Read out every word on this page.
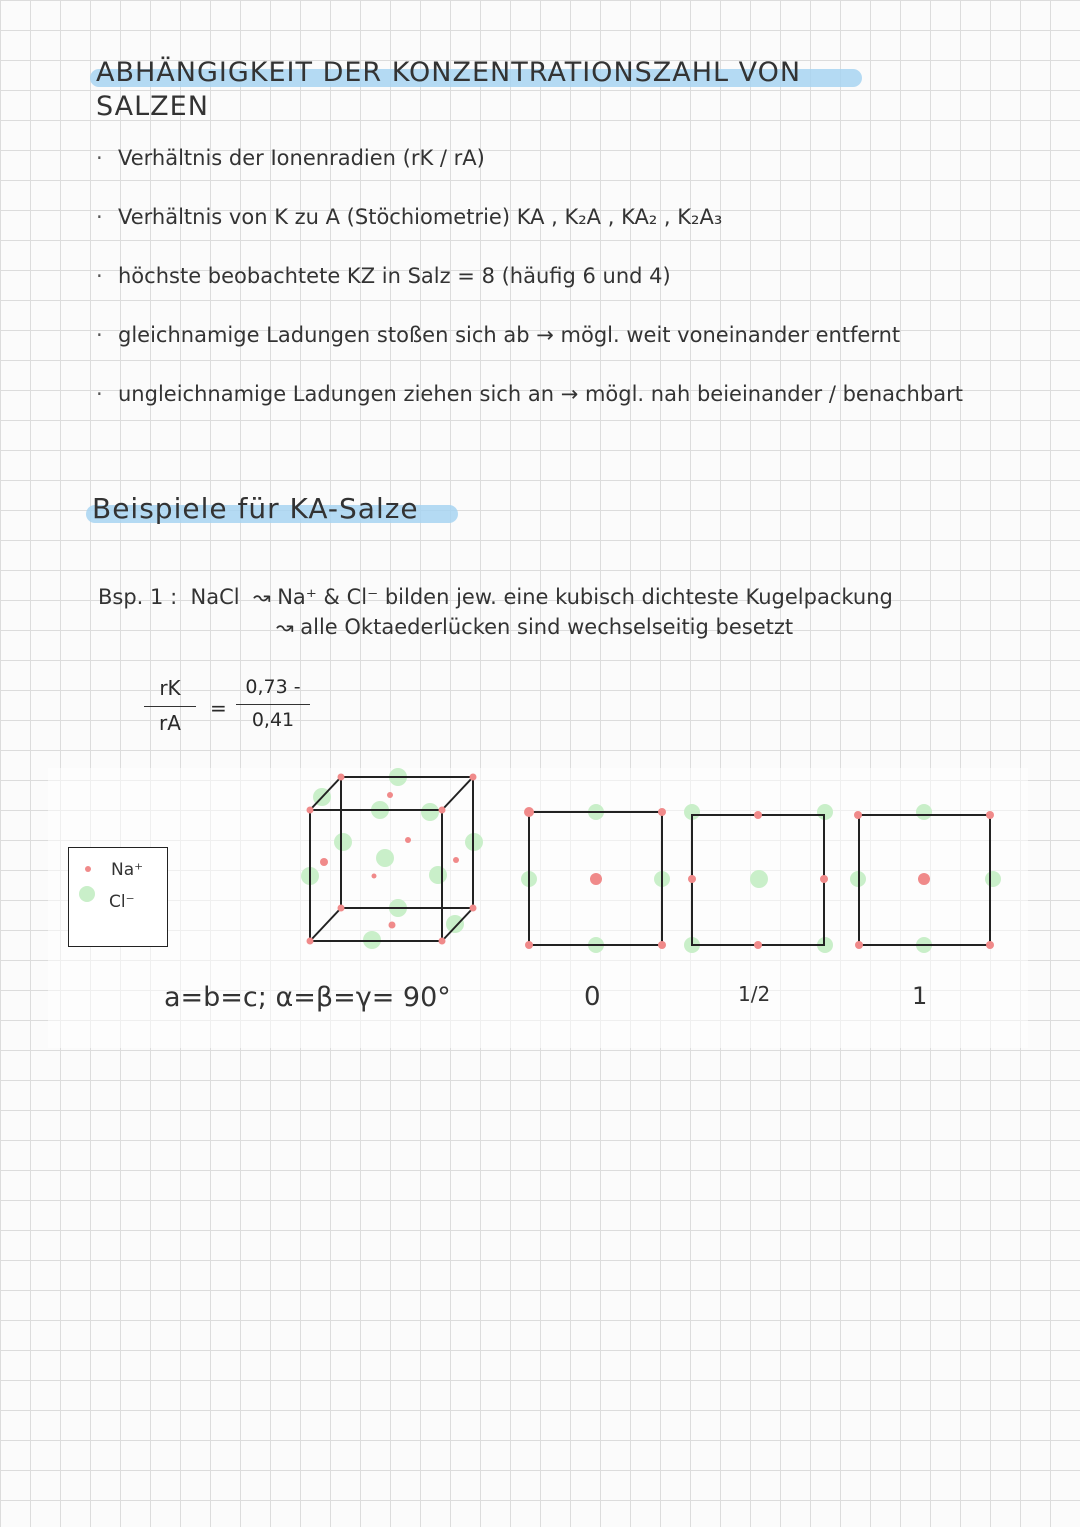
ABHÄNGIGKEIT DER KONZENTRATIONSZAHL VON SALZEN
· Verhältnis der Ionenradien (rK / rA)
· Verhältnis von K zu A (Stöchiometrie) KA , K₂A , KA₂ , K₂A₃
· höchste beobachtete KZ in Salz = 8 (häufig 6 und 4)
· gleichnamige Ladungen stoßen sich ab → mögl. weit voneinander entfernt
· ungleichnamige Ladungen ziehen sich an → mögl. nah beieinander / benachbart
Beispiele für KA-Salze
Bsp. 1 : NaCl ↝ Na⁺ & Cl⁻ bilden jew. eine kubisch dichteste Kugelpackung
↝ alle Oktaederlücken sind wechselseitig besetzt
rK
rA
=
0,73 -
0,41
Na⁺
Cl⁻
a=b=c; α=β=γ= 90°	0	1/2	1
